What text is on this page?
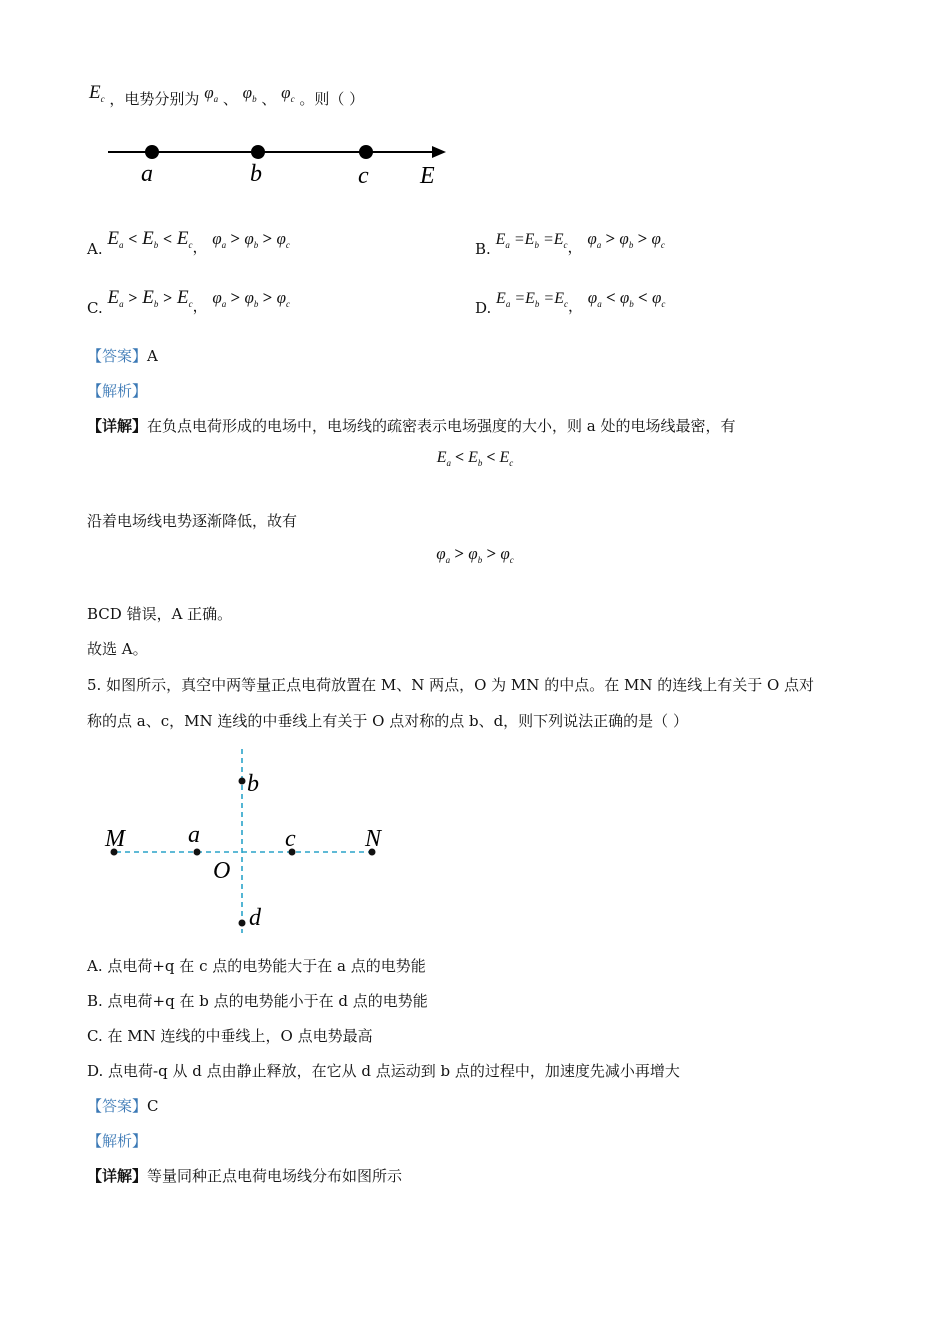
$E_c$ ，电势分别为 $\varphi_a$ 、 $\varphi_b$ 、 $\varphi_c$ 。则（ ）
a	b	c E
A. $E_a < E_b < E_c$， $\varphi_a > \varphi_b > \varphi_c$	B. $E_a =E_b =E_c$， $\varphi_a > \varphi_b > \varphi_c$
C. $E_a > E_b > E_c$， $\varphi_a > \varphi_b > \varphi_c$	D. $E_a =E_b =E_c$， $\varphi_a < \varphi_b < \varphi_c$
【答案】A
【解析】
【详解】在负点电荷形成的电场中，电场线的疏密表示电场强度的大小，则 a 处的电场线最密，有
$E_a < E_b < E_c$
沿着电场线电势逐渐降低，故有
$\varphi_a > \varphi_b > \varphi_c$
BCD 错误，A 正确。
故选 A。
5. 如图所示，真空中两等量正点电荷放置在 M、N 两点，O 为 MN 的中点。在 MN 的连线上有关于 O 点对
称的点 a、c，MN 连线的中垂线上有关于 O 点对称的点 b、d，则下列说法正确的是（ ）
M	a
O
c	N
b
d
A. 点电荷+q 在 c 点的电势能大于在 a 点的电势能
B. 点电荷+q 在 b 点的电势能小于在 d 点的电势能
C. 在 MN 连线的中垂线上，O 点电势最高
D. 点电荷-q 从 d 点由静止释放，在它从 d 点运动到 b 点的过程中，加速度先减小再增大
【答案】C
【解析】
【详解】等量同种正点电荷电场线分布如图所示
